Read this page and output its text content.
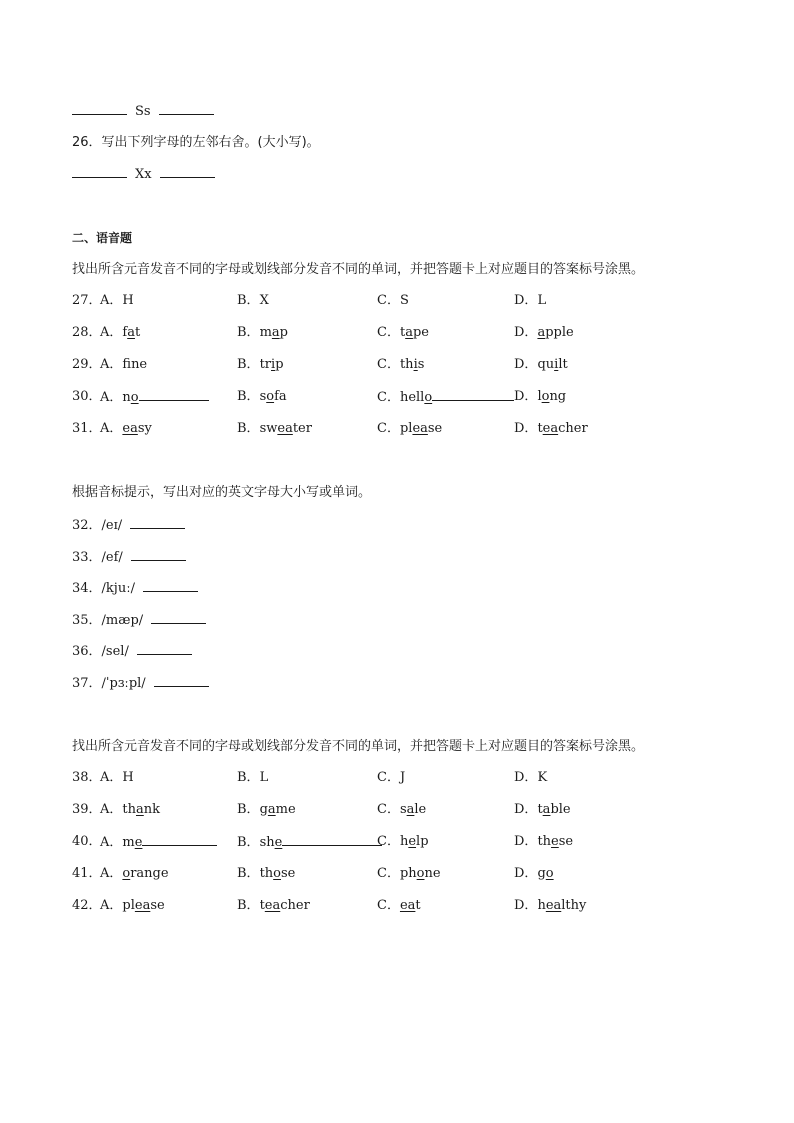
Ss
26．写出下列字母的左邻右舍。(大小写)。
Xx
二、语音题
找出所含元音发音不同的字母或划线部分发音不同的单词，并把答题卡上对应题目的答案标号涂黑。
27．
A．H	B．X	C．S	D．L
28．
A．fat	B．map	C．tape	D．apple
29．
A．fne	B．trip	C．this	D．quilt
30．
A．no	B．sofa	C．hello	D．long
31．
A．easy	B．sweater	C．please	D．teacher
根据音标提示，写出对应的英文字母大小写或单词。
32．/eɪ/
33．/ef/
34．/kjuː/
35．/mæp/
36．/sel/
37．/ˈpɜːpl/
找出所含元音发音不同的字母或划线部分发音不同的单词，并把答题卡上对应题目的答案标号涂黑。
38．
A．H	B．L	C．J	D．K
39．
A．thank	B．game	C．sale	D．table
40．
A．me	B．she	C．help	D．these
41．
A．orange	B．those	C．phone	D．go
42．
A．please	B．teacher	C．eat	D．healthy
